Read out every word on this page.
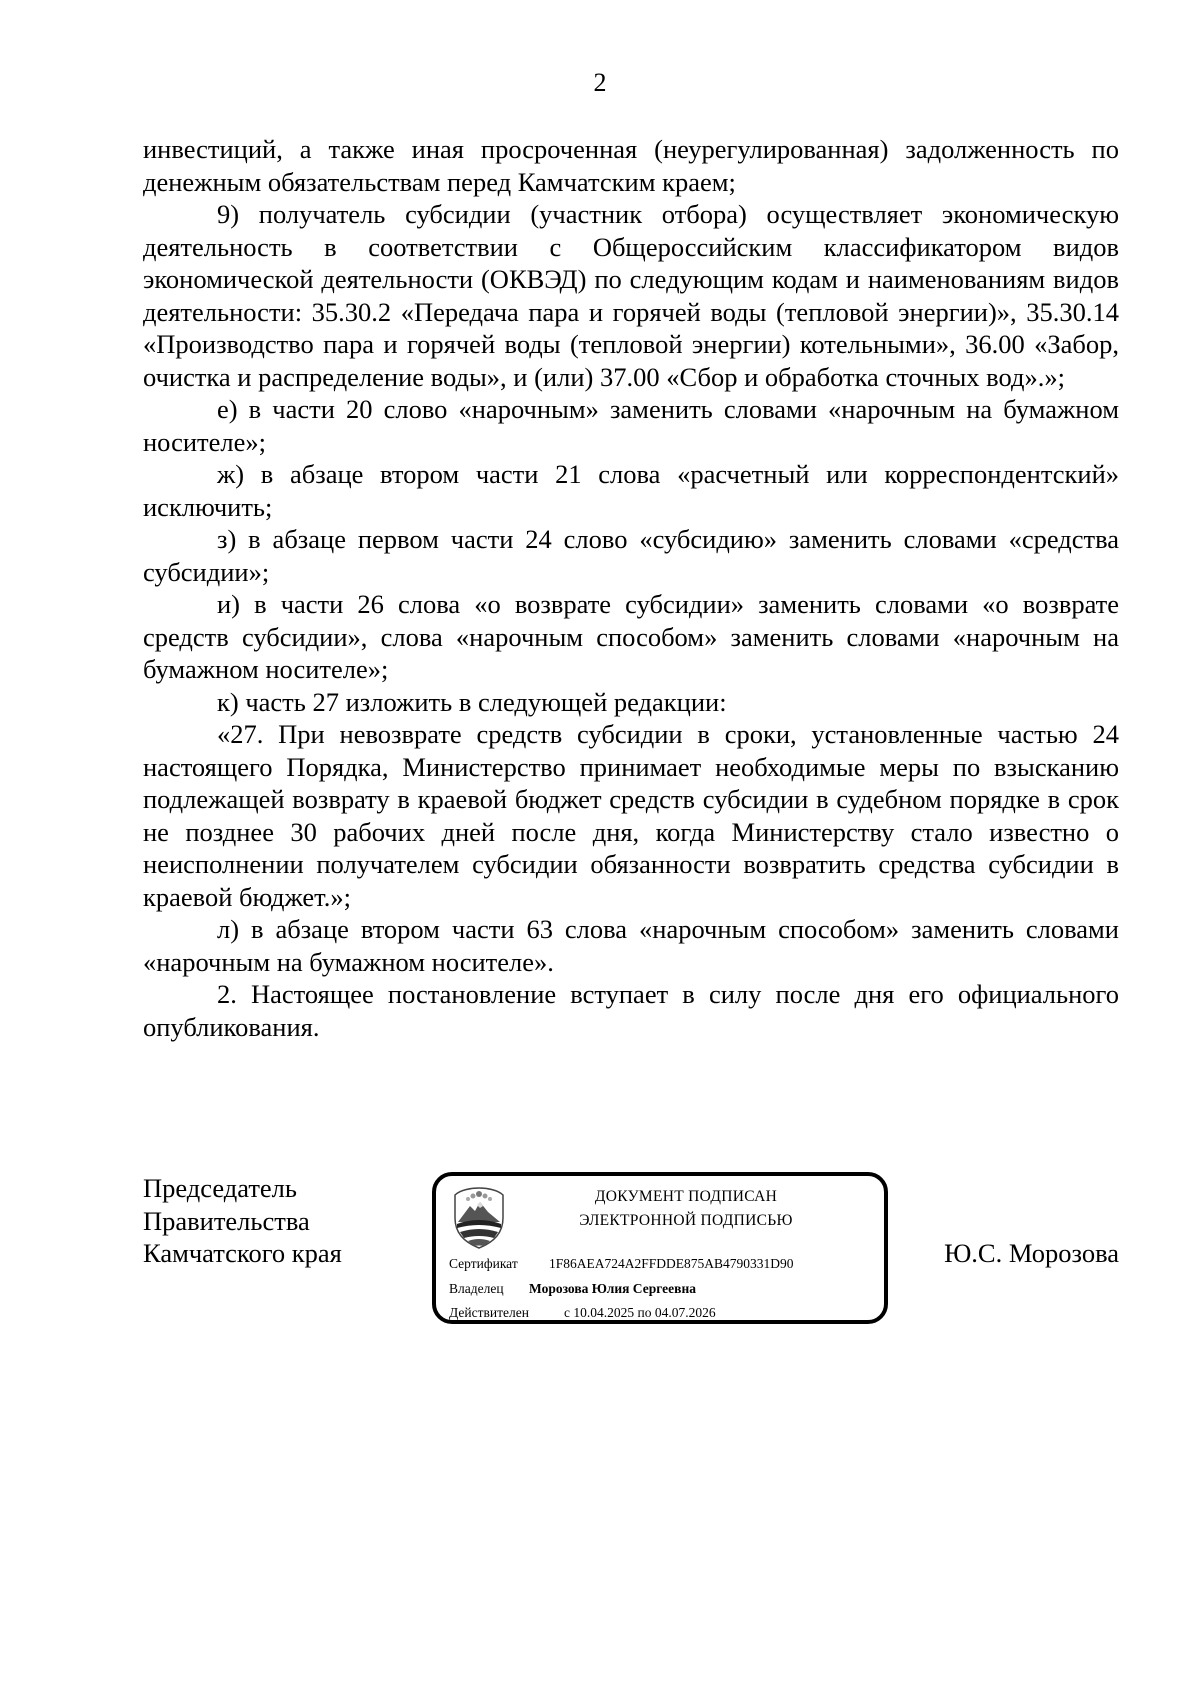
2

инвестиций, а также иная просроченная (неурегулированная) задолженность по денежным обязательствам перед Камчатским краем;

9) получатель субсидии (участник отбора) осуществляет экономическую деятельность в соответствии с Общероссийским классификатором видов экономической деятельности (ОКВЭД) по следующим кодам и наименованиям видов деятельности: 35.30.2 «Передача пара и горячей воды (тепловой энергии)», 35.30.14 «Производство пара и горячей воды (тепловой энергии) котельными», 36.00 «Забор, очистка и распределение воды», и (или) 37.00 «Сбор и обработка сточных вод».»;

е) в части 20 слово «нарочным» заменить словами «нарочным на бумажном носителе»;

ж) в абзаце втором части 21 слова «расчетный или корреспондентский» исключить;

з) в абзаце первом части 24 слово «субсидию» заменить словами «средства субсидии»;

и) в части 26 слова «о возврате субсидии» заменить словами «о возврате средств субсидии», слова «нарочным способом» заменить словами «нарочным на бумажном носителе»;

к) часть 27 изложить в следующей редакции:

«27. При невозврате средств субсидии в сроки, установленные частью 24 настоящего Порядка, Министерство принимает необходимые меры по взысканию подлежащей возврату в краевой бюджет средств субсидии в судебном порядке в срок не позднее 30 рабочих дней после дня, когда Министерству стало известно о неисполнении получателем субсидии обязанности возвратить средства субсидии в краевой бюджет.»;

л) в абзаце втором части 63 слова «нарочным способом» заменить словами «нарочным на бумажном носителе».

2. Настоящее постановление вступает в силу после дня его официального опубликования.

Председатель
Правительства
Камчатского края
ДОКУМЕНТ ПОДПИСАН
ЭЛЕКТРОННОЙ ПОДПИСЬЮ
Сертификат 1F86AEA724A2FFDDE875AB4790331D90
Владелец Морозова Юлия Сергеевна
Действителен	с 10.04.2025 по 04.07.2026
Ю.С. Морозова
